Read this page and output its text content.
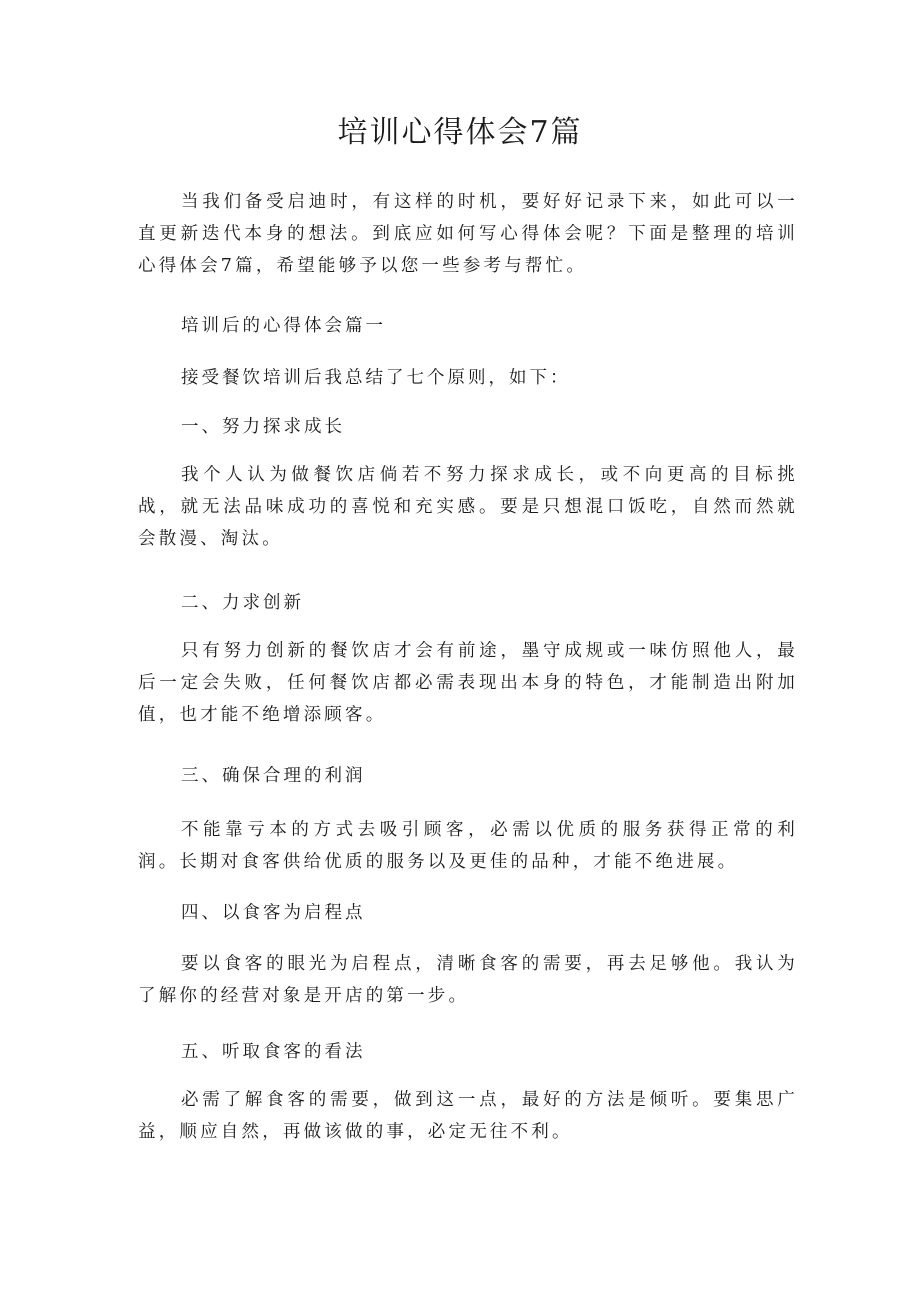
培训心得体会7篇

当我们备受启迪时，有这样的时机，要好好记录下来，如此可以一直更新迭代本身的想法。到底应如何写心得体会呢？下面是整理的培训心得体会7篇，希望能够予以您一些参考与帮忙。

培训后的心得体会篇一

接受餐饮培训后我总结了七个原则，如下：

一、努力探求成长

我个人认为做餐饮店倘若不努力探求成长，或不向更高的目标挑战，就无法品味成功的喜悦和充实感。要是只想混口饭吃，自然而然就会散漫、淘汰。

二、力求创新

只有努力创新的餐饮店才会有前途，墨守成规或一味仿照他人，最后一定会失败，任何餐饮店都必需表现出本身的特色，才能制造出附加值，也才能不绝增添顾客。

三、确保合理的利润

不能靠亏本的方式去吸引顾客，必需以优质的服务获得正常的利润。长期对食客供给优质的服务以及更佳的品种，才能不绝进展。

四、以食客为启程点

要以食客的眼光为启程点，清晰食客的需要，再去足够他。我认为了解你的经营对象是开店的第一步。

五、听取食客的看法

必需了解食客的需要，做到这一点，最好的方法是倾听。要集思广益，顺应自然，再做该做的事，必定无往不利。
